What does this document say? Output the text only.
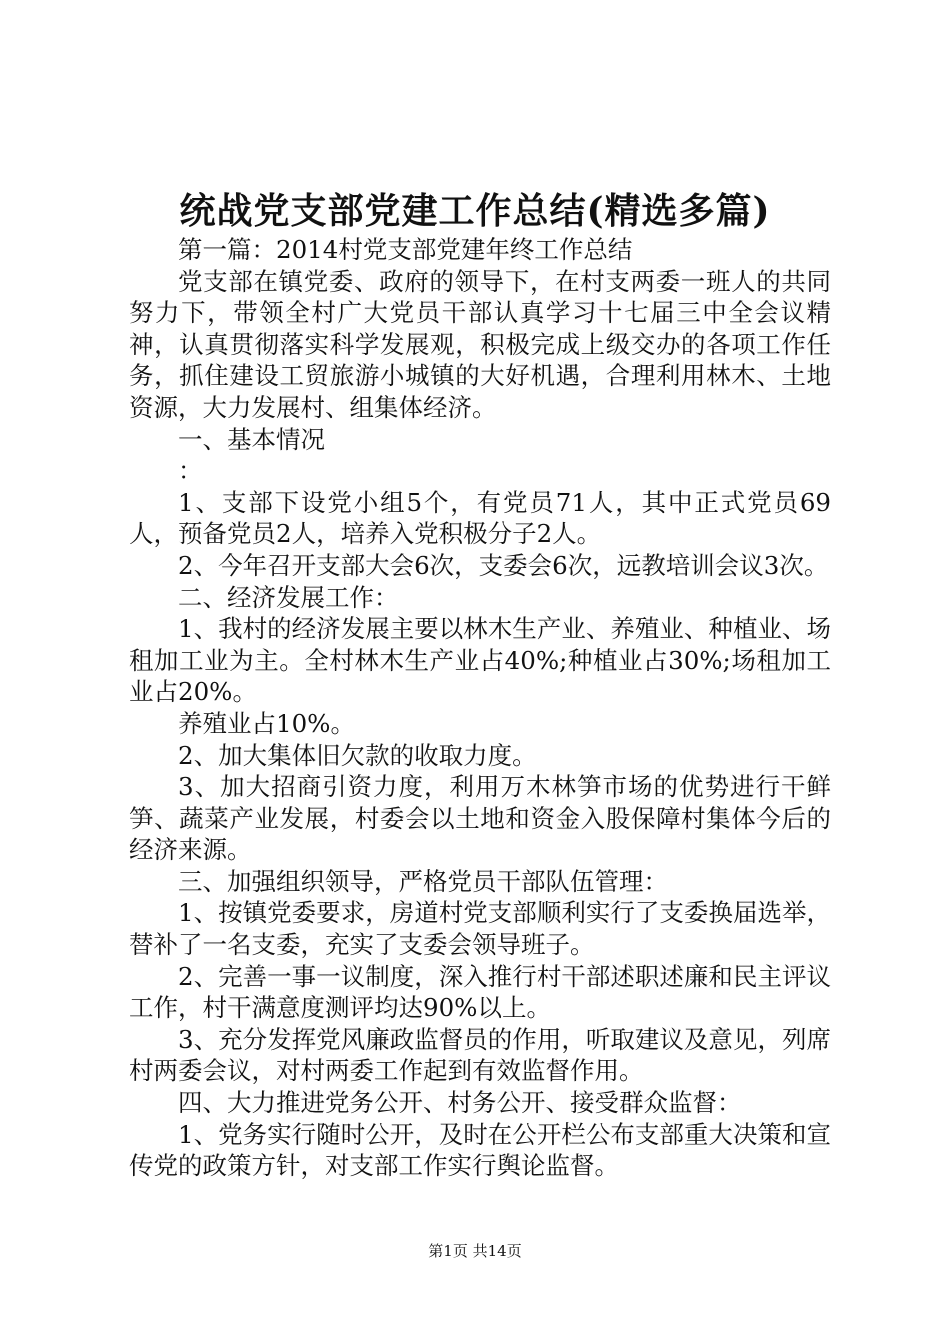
统战党支部党建工作总结(精选多篇)

第一篇：2014村党支部党建年终工作总结

党支部在镇党委、政府的领导下，在村支两委一班人的共同努力下，带领全村广大党员干部认真学习十七届三中全会议精神，认真贯彻落实科学发展观，积极完成上级交办的各项工作任务，抓住建设工贸旅游小城镇的大好机遇，合理利用林木、土地资源，大力发展村、组集体经济。

一、基本情况

：

1、支部下设党小组5个，有党员71人，其中正式党员69人，预备党员2人，培养入党积极分子2人。

2、今年召开支部大会6次，支委会6次，远教培训会议3次。

二、经济发展工作：

1、我村的经济发展主要以林木生产业、养殖业、种植业、场租加工业为主。全村林木生产业占40%;种植业占30%;场租加工业占20%。

养殖业占10%。

2、加大集体旧欠款的收取力度。

3、加大招商引资力度，利用万木林笋市场的优势进行干鲜笋、蔬菜产业发展，村委会以土地和资金入股保障村集体今后的经济来源。

三、加强组织领导，严格党员干部队伍管理：

1、按镇党委要求，房道村党支部顺利实行了支委换届选举，替补了一名支委，充实了支委会领导班子。

2、完善一事一议制度，深入推行村干部述职述廉和民主评议工作，村干满意度测评均达90%以上。

3、充分发挥党风廉政监督员的作用，听取建议及意见，列席村两委会议，对村两委工作起到有效监督作用。

四、大力推进党务公开、村务公开、接受群众监督：

1、党务实行随时公开，及时在公开栏公布支部重大决策和宣传党的政策方针，对支部工作实行舆论监督。

第1页 共14页
